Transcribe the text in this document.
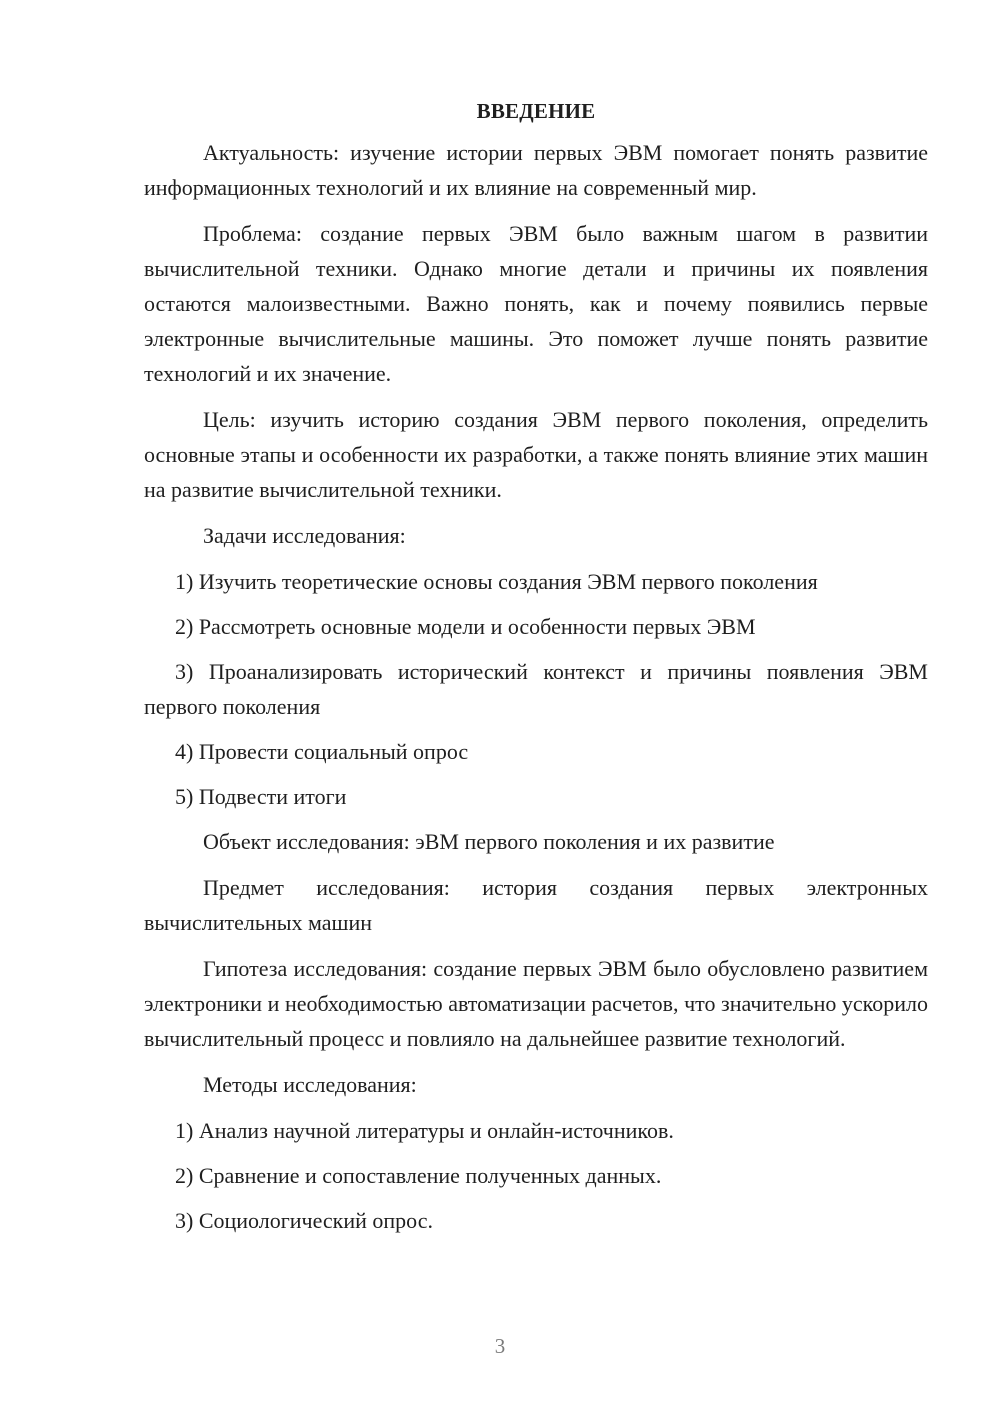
ВВЕДЕНИЕ

Актуальность: изучение истории первых ЭВМ помогает понять развитие информационных технологий и их влияние на современный мир.

Проблема: создание первых ЭВМ было важным шагом в развитии вычислительной техники. Однако многие детали и причины их появления остаются малоизвестными. Важно понять, как и почему появились первые электронные вычислительные машины. Это поможет лучше понять развитие технологий и их значение.

Цель: изучить историю создания ЭВМ первого поколения, определить основные этапы и особенности их разработки, а также понять влияние этих машин на развитие вычислительной техники.

Задачи исследования:

1) Изучить теоретические основы создания ЭВМ первого поколения

2) Рассмотреть основные модели и особенности первых ЭВМ

3) Проанализировать исторический контекст и причины появления ЭВМ первого поколения

4) Провести социальный опрос

5) Подвести итоги

Объект исследования: эВМ первого поколения и их развитие

Предмет исследования: история создания первых электронных вычислительных машин

Гипотеза исследования: создание первых ЭВМ было обусловлено развитием электроники и необходимостью автоматизации расчетов, что значительно ускорило вычислительный процесс и повлияло на дальнейшее развитие технологий.

Методы исследования:

1) Анализ научной литературы и онлайн-источников.

2) Сравнение и сопоставление полученных данных.

3) Социологический опрос.

3
